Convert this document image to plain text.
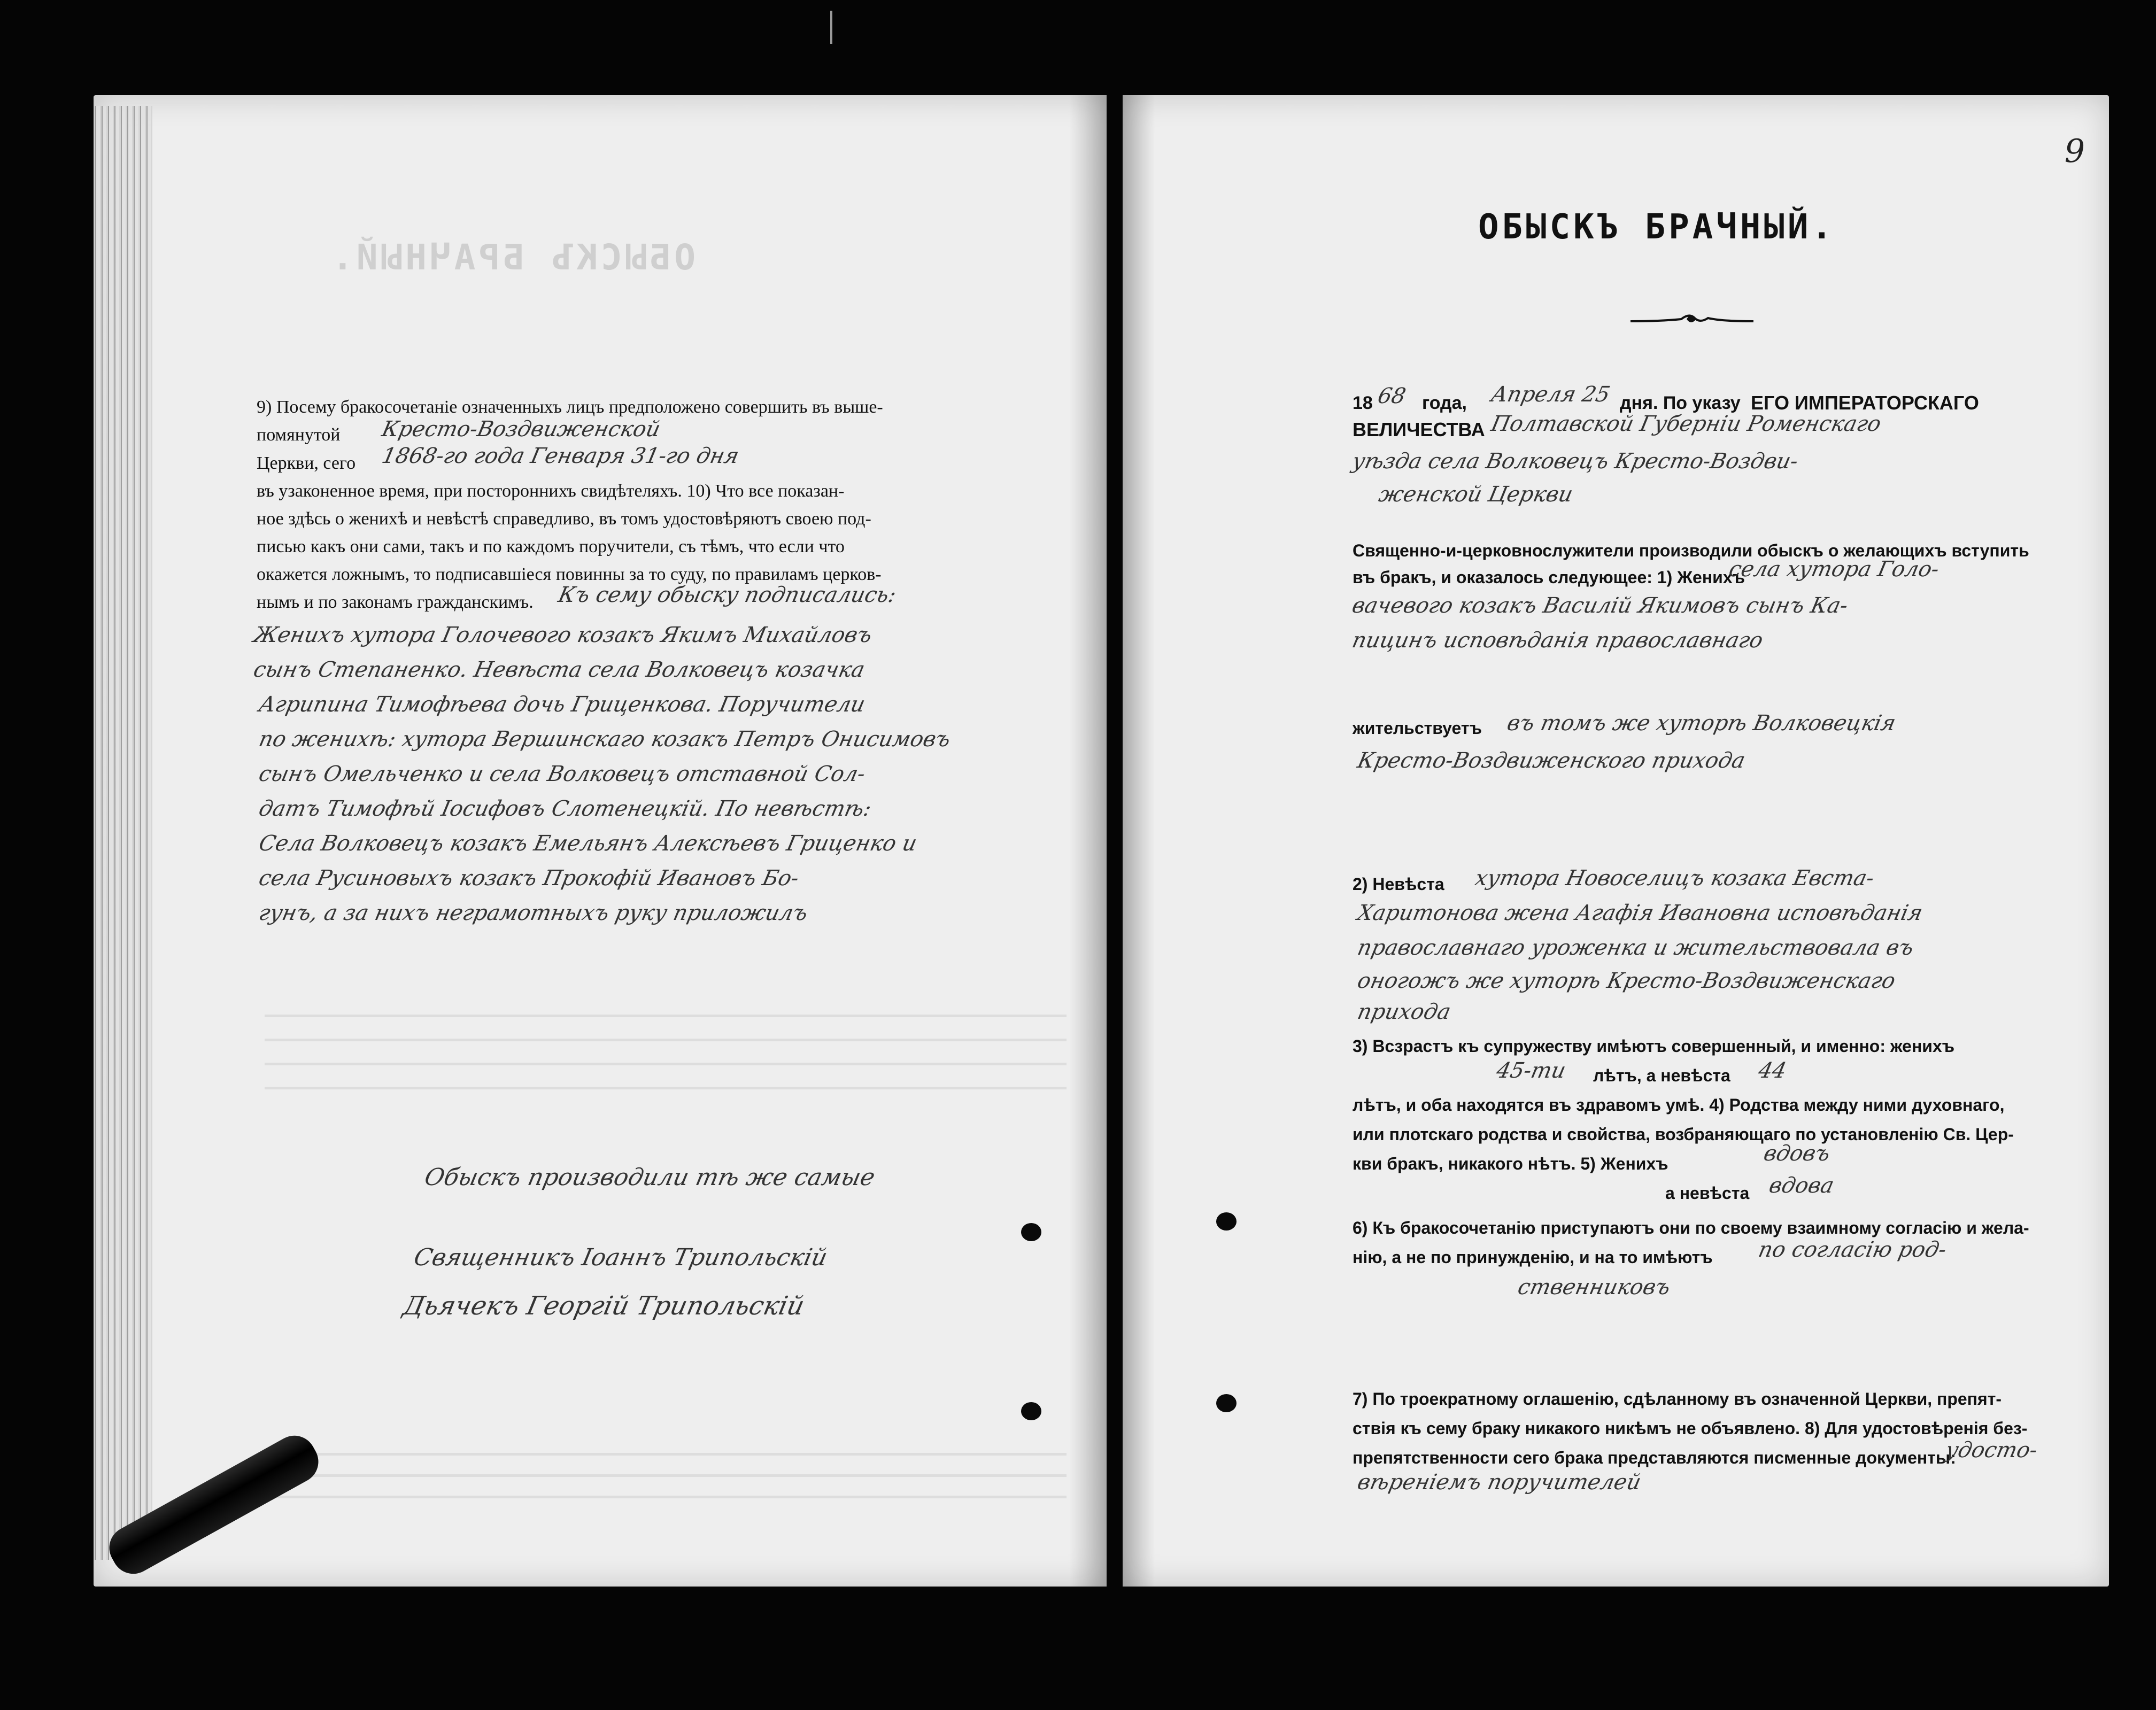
ОБЫСКЪ БРАЧНЫЙ.
9) Посему бракосочетаніе означенныхъ лицъ предположено совершить въ выше-
помянутой Кресто-Воздвиженской
Церкви, сего 1868-го года Генваря 31-го дня
въ узаконенное время, при постороннихъ свидѣтеляхъ. 10) Что все показан-
ное здѣсь о женихѣ и невѣстѣ справедливо, въ томъ удостовѣряютъ своею под-
писью какъ они сами, такъ и по каждомъ поручители, съ тѣмъ, что если что
окажется ложнымъ, то подписавшіеся повинны за то суду, по правиламъ церков-
нымъ и по законамъ гражданскимъ. Къ сему обыску подписались:
Женихъ хутора Голочевого козакъ Якимъ Михайловъ
сынъ Степаненко. Невѣста села Волковецъ козачка
Агрипина Тимофѣева дочь Гриценкова. Поручители
по женихѣ: хутора Вершинскаго козакъ Петръ Онисимовъ
сынъ Омельченко и села Волковецъ отставной Сол-
датъ Тимофѣй Іосифовъ Слотенецкій. По невѣстѣ:
Села Волковецъ козакъ Емельянъ Алексѣевъ Гриценко и
села Русиновыхъ козакъ Прокофій Ивановъ Бо-
гунъ, а за нихъ неграмотныхъ руку приложилъ
Обыскъ производили тѣ же самые
Священникъ Іоаннъ Трипольскій
Дьячекъ Георгій Трипольскій
9
ОБЫСКЪ БРАЧНЫЙ.
18 68 года, Апреля 25 дня. По указу ЕГО ИМПЕРАТОРСКАГО
ВЕЛИЧЕСТВА Полтавской Губерніи Роменскаго
уѣзда села Волковецъ Кресто-Воздви-
женской Церкви
Священно-и-церковнослужители производили обыскъ о желающихъ вступить
въ бракъ, и оказалось следующее: 1) Женихъ
села хутора Голо-
вачевого козакъ Василій Якимовъ сынъ Ка-
пицинъ исповѣданія православнаго
жительствуетъ въ томъ же хуторѣ Волковецкія
Кресто-Воздвиженского прихода
2) Невѣста хутора Новоселицъ козака Евста-
Харитонова жена Агафія Ивановна исповѣданія
православнаго уроженка и жительствовала въ
оногожъ же хуторѣ Кресто-Воздвиженскаго
прихода
3) Всзрастъ къ супружеству имѣютъ совершенный, и именно: женихъ
45-ти лѣтъ, а невѣста 44
лѣтъ, и оба находятся въ здравомъ умѣ. 4) Родства между ними духовнаго,
или плотскаго родства и свойства, возбраняющаго по установленію Св. Цер-
кви бракъ, никакого нѣтъ. 5) Женихъ	вдовъ
а невѣста вдова
6) Къ бракосочетанію приступаютъ они по своему взаимному согласію и жела-
нію, а не по принужденію, и на то имѣютъ по согласію род-
ственниковъ
7) По троекратному оглашенію, сдѣланному въ означенной Церкви, препят-
ствія къ сему браку никакого никѣмъ не объявлено. 8) Для удостовѣренія без-
препятственности сего брака представляются писменные документы:
удосто-
вѣреніемъ поручителей
